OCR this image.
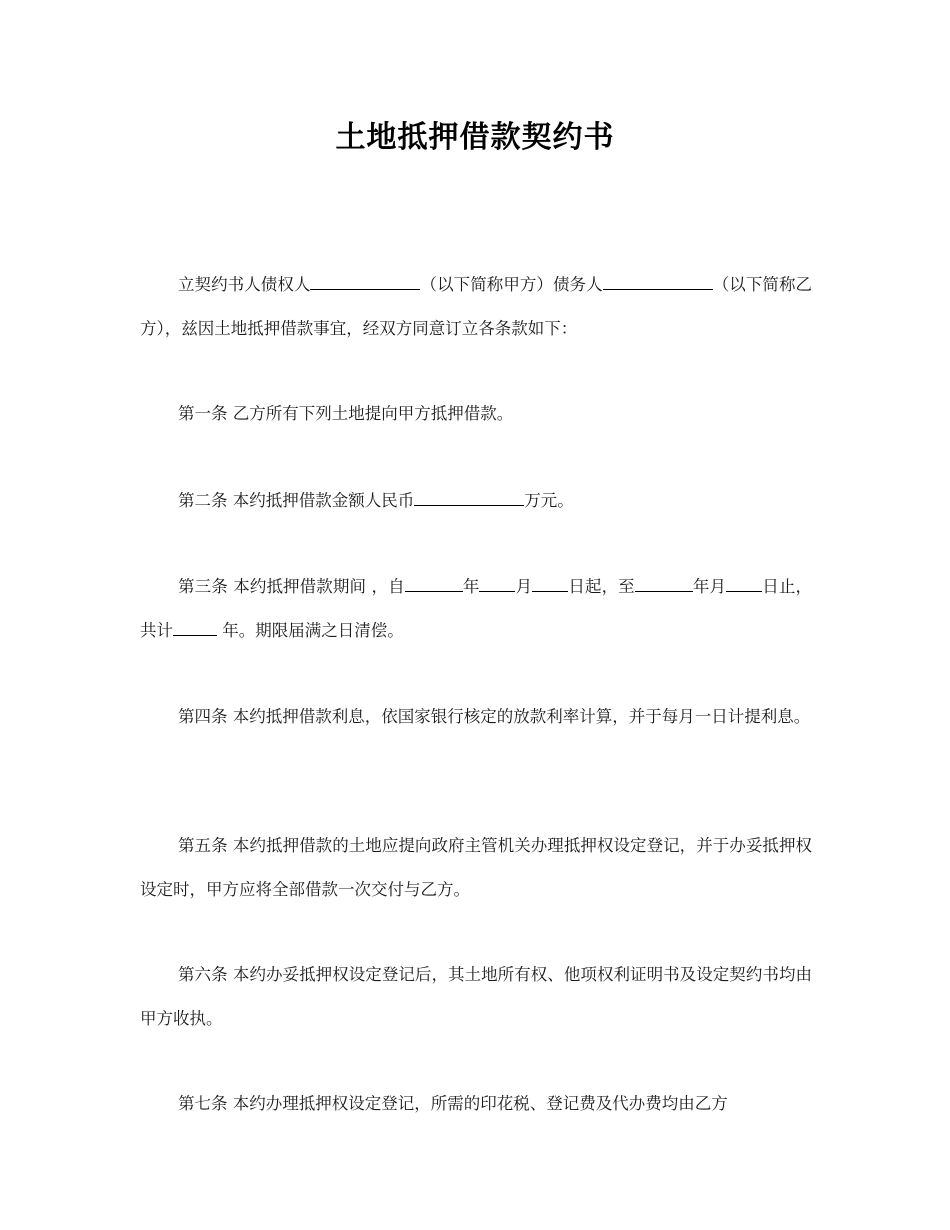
土地抵押借款契约书

立契约书人债权人	（以下简称甲方）债务人	（以下简称乙方），兹因土地抵押借款事宜，经双方同意订立各条款如下：

第一条 乙方所有下列土地提向甲方抵押借款。

第二条 本约抵押借款金额人民币	万元。

第三条 本约抵押借款期间 ，自	年 月 日起，至	年月 日止，共计	年。期限届满之日清偿。

第四条 本约抵押借款利息，依国家银行核定的放款利率计算，并于每月一日计提利息。

第五条 本约抵押借款的土地应提向政府主管机关办理抵押权设定登记，并于办妥抵押权设定时，甲方应将全部借款一次交付与乙方。

第六条 本约办妥抵押权设定登记后，其土地所有权、他项权利证明书及设定契约书均由甲方收执。

第七条 本约办理抵押权设定登记，所需的印花税、登记费及代办费均由乙方
